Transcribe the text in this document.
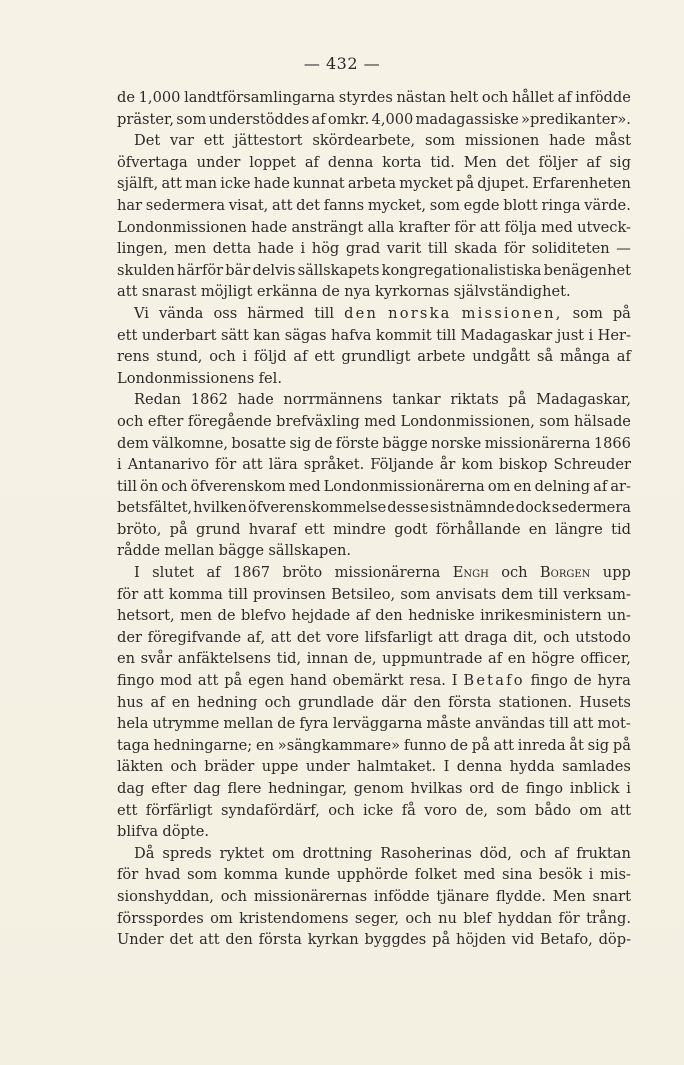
— 432 —
de 1,000 landtförsamlingarna styrdes nästan helt och hållet af infödde
präster, som understöddes af omkr. 4,000 madagassiske »predikanter».
Det var ett jättestort skördearbete, som missionen hade måst
öfvertaga under loppet af denna korta tid. Men det följer af sig
själft, att man icke hade kunnat arbeta mycket på djupet. Erfarenheten
har sedermera visat, att det fanns mycket, som egde blott ringa värde.
Londonmissionen hade ansträngt alla krafter för att följa med utveck-
lingen, men detta hade i hög grad varit till skada för soliditeten —
skulden härför bär delvis sällskapets kongregationalistiska benägenhet
att snarast möjligt erkänna de nya kyrkornas självständighet.
Vi vända oss härmed till den norska missionen, som på
ett underbart sätt kan sägas hafva kommit till Madagaskar just i Her-
rens stund, och i följd af ett grundligt arbete undgått så många af
Londonmissionens fel.
Redan 1862 hade norrmännens tankar riktats på Madagaskar,
och efter föregående brefväxling med Londonmissionen, som hälsade
dem välkomne, bosatte sig de förste bägge norske missionärerna 1866
i Antanarivo för att lära språket. Följande år kom biskop Schreuder
till ön och öfverenskom med Londonmissionärerna om en delning af ar-
betsfältet, hvilken öfverenskommelse desse sistnämnde dock sedermera
bröto, på grund hvaraf ett mindre godt förhållande en längre tid
rådde mellan bägge sällskapen.
I slutet af 1867 bröto missionärerna Engh och Borgen upp
för att komma till provinsen Betsileo, som anvisats dem till verksam-
hetsort, men de blefvo hejdade af den hedniske inrikesministern un-
der föregifvande af, att det vore lifsfarligt att draga dit, och utstodo
en svår anfäktelsens tid, innan de, uppmuntrade af en högre officer,
fingo mod att på egen hand obemärkt resa. I Betafo fingo de hyra
hus af en hedning och grundlade där den första stationen. Husets
hela utrymme mellan de fyra lerväggarna måste användas till att mot-
taga hedningarne; en »sängkammare» funno de på att inreda åt sig på
läkten och bräder uppe under halmtaket. I denna hydda samlades
dag efter dag flere hedningar, genom hvilkas ord de fingo inblick i
ett förfärligt syndafördärf, och icke få voro de, som bådo om att
blifva döpte.
Då spreds ryktet om drottning Rasoherinas död, och af fruktan
för hvad som komma kunde upphörde folket med sina besök i mis-
sionshyddan, och missionärernas infödde tjänare flydde. Men snart
försspordes om kristendomens seger, och nu blef hyddan för trång.
Under det att den första kyrkan byggdes på höjden vid Betafo, döp-
